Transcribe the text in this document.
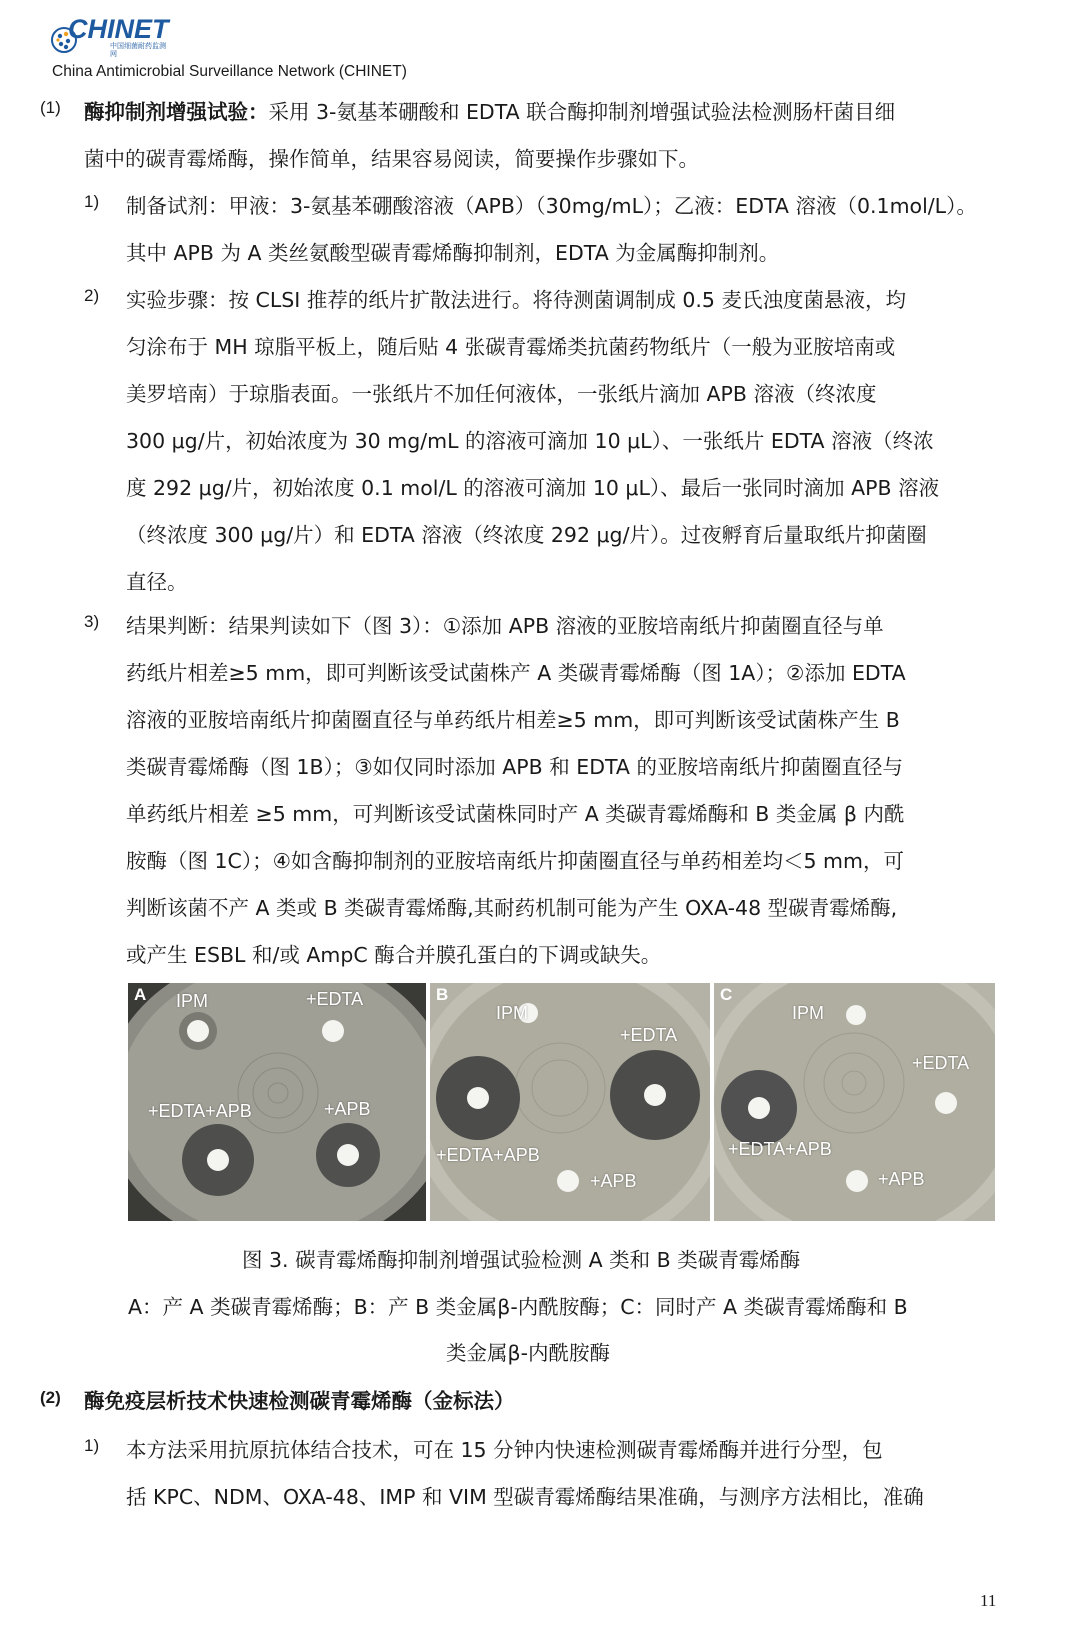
CHINET
中国细菌耐药监测网
China Antimicrobial Surveillance Network (CHINET)
(1) 酶抑制剂增强试验：采用 3-氨基苯硼酸和 EDTA 联合酶抑制剂增强试验法检测肠杆菌目细
菌中的碳青霉烯酶，操作简单，结果容易阅读，简要操作步骤如下。
1) 制备试剂：甲液：3-氨基苯硼酸溶液（APB）（30mg/mL）；乙液：EDTA 溶液（0.1mol/L）。
其中 APB 为 A 类丝氨酸型碳青霉烯酶抑制剂，EDTA 为金属酶抑制剂。
2) 实验步骤：按 CLSI 推荐的纸片扩散法进行。将待测菌调制成 0.5 麦氏浊度菌悬液，均
匀涂布于 MH 琼脂平板上，随后贴 4 张碳青霉烯类抗菌药物纸片（一般为亚胺培南或
美罗培南）于琼脂表面。一张纸片不加任何液体，一张纸片滴加 APB 溶液（终浓度
300 μg/片，初始浓度为 30 mg/mL 的溶液可滴加 10 μL）、一张纸片 EDTA 溶液（终浓
度 292 μg/片，初始浓度 0.1 mol/L 的溶液可滴加 10 μL）、最后一张同时滴加 APB 溶液
（终浓度 300 μg/片）和 EDTA 溶液（终浓度 292 μg/片）。过夜孵育后量取纸片抑菌圈
直径。
3) 结果判断：结果判读如下（图 3）：①添加 APB 溶液的亚胺培南纸片抑菌圈直径与单
药纸片相差≥5 mm，即可判断该受试菌株产 A 类碳青霉烯酶（图 1A）；②添加 EDTA
溶液的亚胺培南纸片抑菌圈直径与单药纸片相差≥5 mm，即可判断该受试菌株产生 B
类碳青霉烯酶（图 1B）；③如仅同时添加 APB 和 EDTA 的亚胺培南纸片抑菌圈直径与
单药纸片相差 ≥5 mm，可判断该受试菌株同时产 A 类碳青霉烯酶和 B 类金属 β 内酰
胺酶（图 1C）；④如含酶抑制剂的亚胺培南纸片抑菌圈直径与单药相差均＜5 mm，可
判断该菌不产 A 类或 B 类碳青霉烯酶,其耐药机制可能为产生 OXA-48 型碳青霉烯酶,
或产生 ESBL 和/或 AmpC 酶合并膜孔蛋白的下调或缺失。
A IPM	+EDTA
+EDTA+APB	+APB
B
IPM
+EDTA
+EDTA+APB
+APB
C
IPM
+EDTA
+EDTA+APB
+APB
图 3. 碳青霉烯酶抑制剂增强试验检测 A 类和 B 类碳青霉烯酶
A：产 A 类碳青霉烯酶；B：产 B 类金属β-内酰胺酶；C：同时产 A 类碳青霉烯酶和 B
类金属β-内酰胺酶
(2) 酶免疫层析技术快速检测碳青霉烯酶（金标法）
1) 本方法采用抗原抗体结合技术，可在 15 分钟内快速检测碳青霉烯酶并进行分型，包
括 KPC、NDM、OXA-48、IMP 和 VIM 型碳青霉烯酶结果准确，与测序方法相比，准确
11
